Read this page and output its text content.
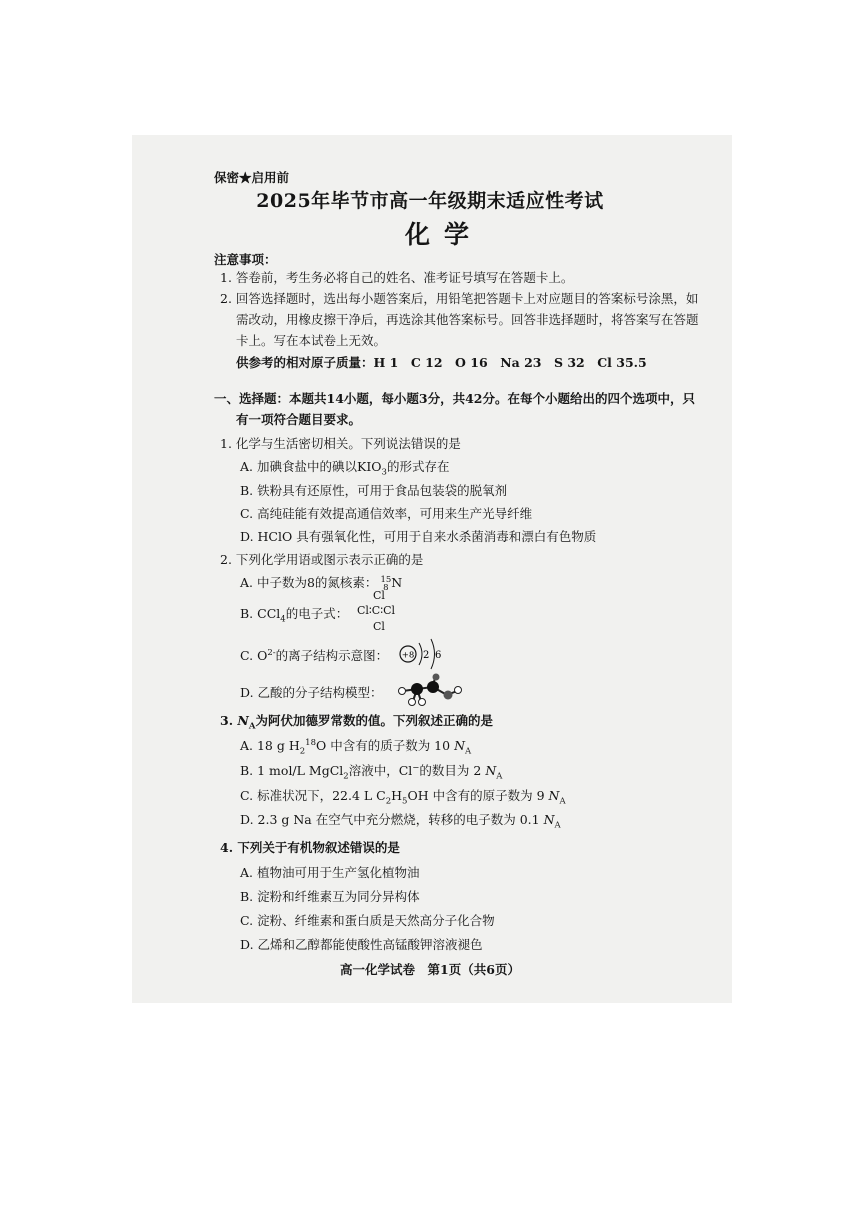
保密★启用前
2025年毕节市高一年级期末适应性考试
化学
注意事项：
1. 答卷前，考生务必将自己的姓名、准考证号填写在答题卡上。
2. 回答选择题时，选出每小题答案后，用铅笔把答题卡上对应题目的答案标号涂黑，如
需改动，用橡皮擦干净后，再选涂其他答案标号。回答非选择题时，将答案写在答题
卡上。写在本试卷上无效。
供参考的相对原子质量：H 1　C 12　O 16　Na 23　S 32　Cl 35.5
一、选择题：本题共14小题，每小题3分，共42分。在每个小题给出的四个选项中，只
有一项符合题目要求。
1. 化学与生活密切相关。下列说法错误的是
A. 加碘食盐中的碘以$KIO_3$的形式存在
B. 铁粉具有还原性，可用于食品包装袋的脱氧剂
C. 高纯硅能有效提高通信效率，可用来生产光导纤维
D. HClO 具有强氧化性，可用于自来水杀菌消毒和漂白有色物质
2. 下列化学用语或图示表示正确的是
A. 中子数为8的氮核素： 15
8 N
B. CCl$_4$的电子式：
Cl
Cl∶C∶Cl
Cl
C. $O^{2-}$的离子结构示意图： +8 2 6
D. 乙酸的分子结构模型：
3. $N_A$为阿伏加德罗常数的值。下列叙述正确的是
A. 18 g $H_2^{18}O$ 中含有的质子数为 10 $N_A$
B. 1 mol/L MgCl$_2$溶液中，Cl−的数目为 2 $N_A$
C. 标准状况下，22.4 L $C_2H_5OH$ 中含有的原子数为 9 $N_A$
D. 2.3 g Na 在空气中充分燃烧，转移的电子数为 0.1 $N_A$
4. 下列关于有机物叙述错误的是
A. 植物油可用于生产氢化植物油
B. 淀粉和纤维素互为同分异构体
C. 淀粉、纤维素和蛋白质是天然高分子化合物
D. 乙烯和乙醇都能使酸性高锰酸钾溶液褪色
高一化学试卷　第1页（共6页）
